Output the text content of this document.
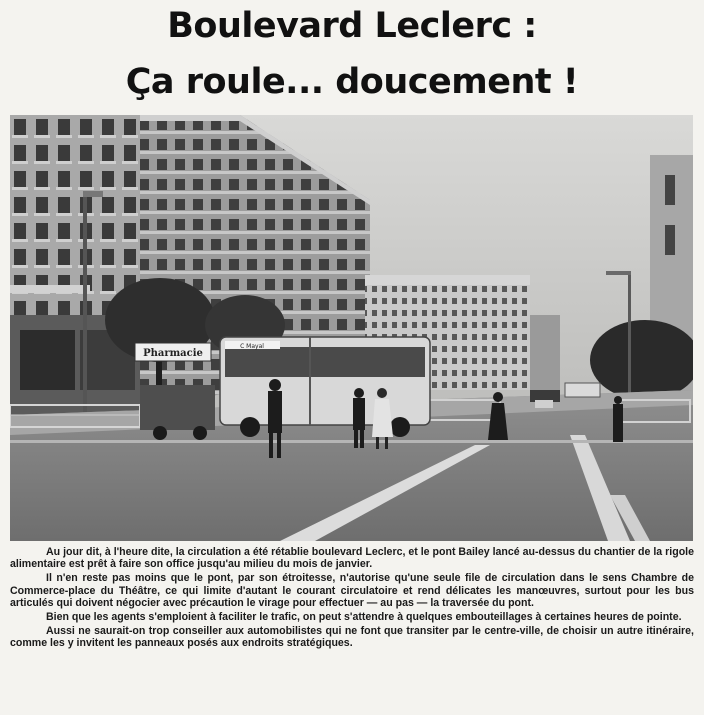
Boulevard Leclerc :
Ça roule... doucement !
Pharmacie
C Mayal

Au jour dit, à l'heure dite, la circulation a été rétablie boulevard Leclerc, et le pont Bailey lancé au-dessus du chantier de la rigole alimentaire est prêt à faire son office jusqu'au milieu du mois de janvier.

Il n'en reste pas moins que le pont, par son étroitesse, n'autorise qu'une seule file de circulation dans le sens Chambre de Commerce-place du Théâtre, ce qui limite d'autant le courant circulatoire et rend délicates les manœuvres, surtout pour les bus articulés qui doivent négocier avec précaution le virage pour effectuer — au pas — la traversée du pont.

Bien que les agents s'emploient à faciliter le trafic, on peut s'attendre à quelques embouteillages à certaines heures de pointe.

Aussi ne saurait-on trop conseiller aux automobilistes qui ne font que transiter par le centre-ville, de choisir un autre itinéraire, comme les y invitent les panneaux posés aux endroits stratégiques.
